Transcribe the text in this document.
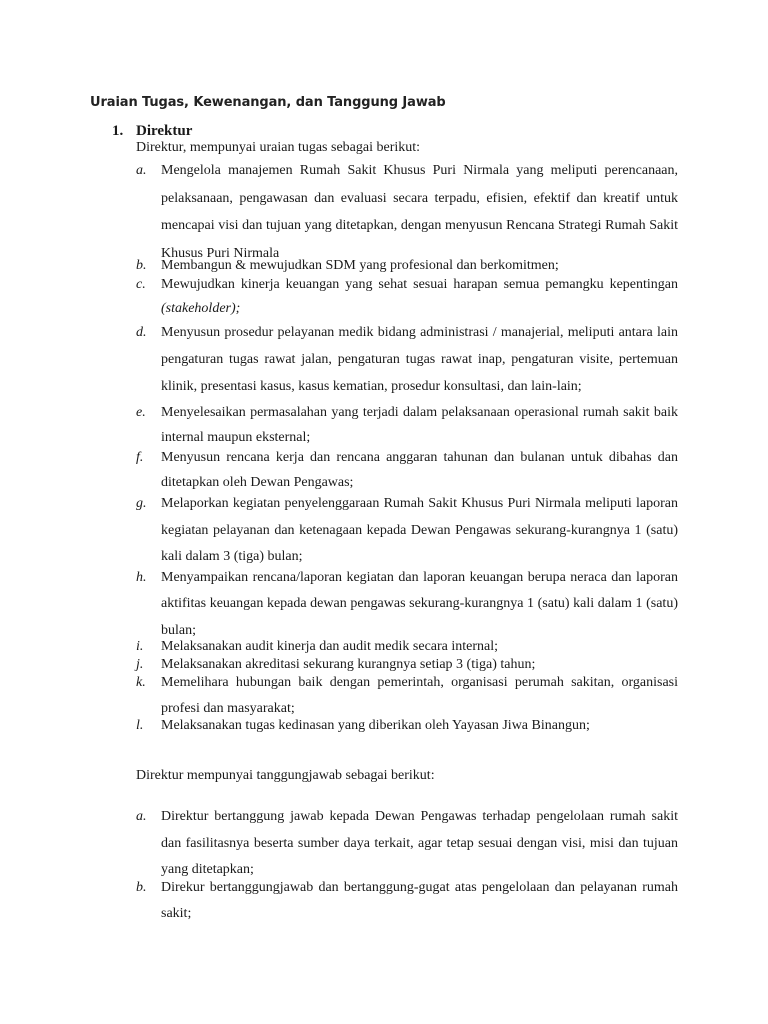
Uraian Tugas, Kewenangan, dan Tanggung Jawab
1. Direktur

Direktur, mempunyai uraian tugas sebagai berikut:

a. Mengelola manajemen Rumah Sakit Khusus Puri Nirmala yang meliputi perencanaan, pelaksanaan, pengawasan dan evaluasi secara terpadu, efisien, efektif dan kreatif untuk mencapai visi dan tujuan yang ditetapkan, dengan menyusun Rencana Strategi Rumah Sakit Khusus Puri Nirmala
b. Membangun & mewujudkan SDM yang profesional dan berkomitmen;
c. Mewujudkan kinerja keuangan yang sehat sesuai harapan semua pemangku kepentingan (stakeholder);
d. Menyusun prosedur pelayanan medik bidang administrasi / manajerial, meliputi antara lain pengaturan tugas rawat jalan, pengaturan tugas rawat inap, pengaturan visite, pertemuan klinik, presentasi kasus, kasus kematian, prosedur konsultasi, dan lain-lain;
e. Menyelesaikan permasalahan yang terjadi dalam pelaksanaan operasional rumah sakit baik internal maupun eksternal;
f. Menyusun rencana kerja dan rencana anggaran tahunan dan bulanan untuk dibahas dan ditetapkan oleh Dewan Pengawas;
g. Melaporkan kegiatan penyelenggaraan Rumah Sakit Khusus Puri Nirmala meliputi laporan kegiatan pelayanan dan ketenagaan kepada Dewan Pengawas sekurang-kurangnya 1 (satu) kali dalam 3 (tiga) bulan;
h. Menyampaikan rencana/laporan kegiatan dan laporan keuangan berupa neraca dan laporan aktifitas keuangan kepada dewan pengawas sekurang-kurangnya 1 (satu) kali dalam 1 (satu) bulan;
i. Melaksanakan audit kinerja dan audit medik secara internal;
j. Melaksanakan akreditasi sekurang kurangnya setiap 3 (tiga) tahun;
k. Memelihara hubungan baik dengan pemerintah, organisasi perumah sakitan, organisasi profesi dan masyarakat;
l. Melaksanakan tugas kedinasan yang diberikan oleh Yayasan Jiwa Binangun;

Direktur mempunyai tanggungjawab sebagai berikut:

a. Direktur bertanggung jawab kepada Dewan Pengawas terhadap pengelolaan rumah sakit dan fasilitasnya beserta sumber daya terkait, agar tetap sesuai dengan visi, misi dan tujuan yang ditetapkan;
b. Direkur bertanggungjawab dan bertanggung-gugat atas pengelolaan dan pelayanan rumah sakit;
